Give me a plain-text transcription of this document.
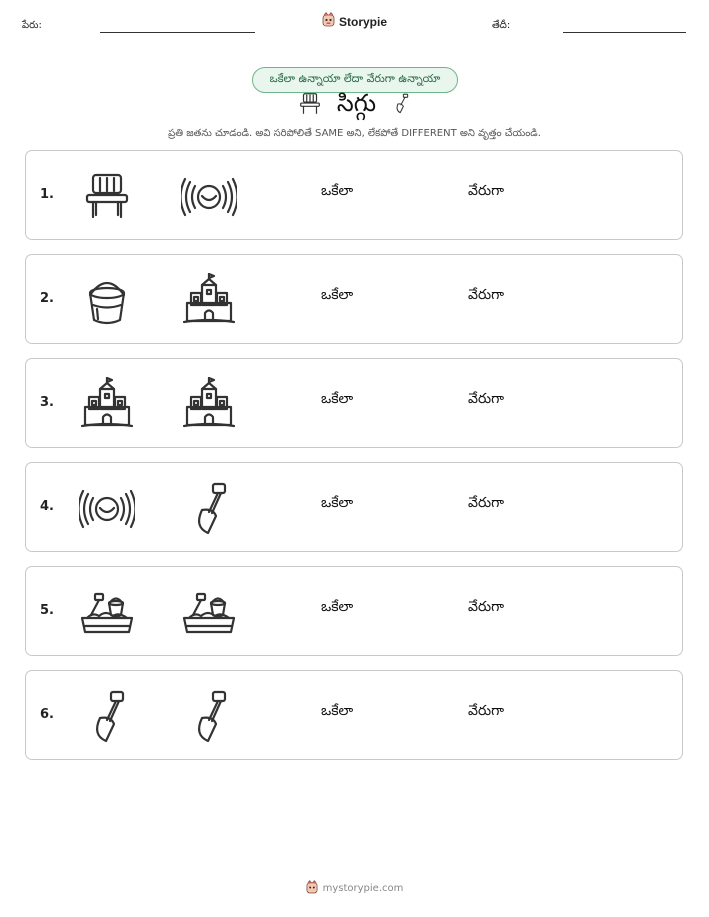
పేరు:	Storypie	తేదీ:
ఒకేలా ఉన్నాయా లేదా వేరుగా ఉన్నాయా
సిగ్గు
ప్రతి జతను చూడండి. అవి సరిపోలితే SAME అని, లేకపోతే DIFFERENT అని వృత్తం చేయండి.
1.	ఒకేలా	వేరుగా
2.	ఒకేలా	వేరుగా
3.	ఒకేలా	వేరుగా
4.	ఒకేలా	వేరుగా
5.	ఒకేలా	వేరుగా
6.	ఒకేలా	వేరుగా
mystorypie.com
